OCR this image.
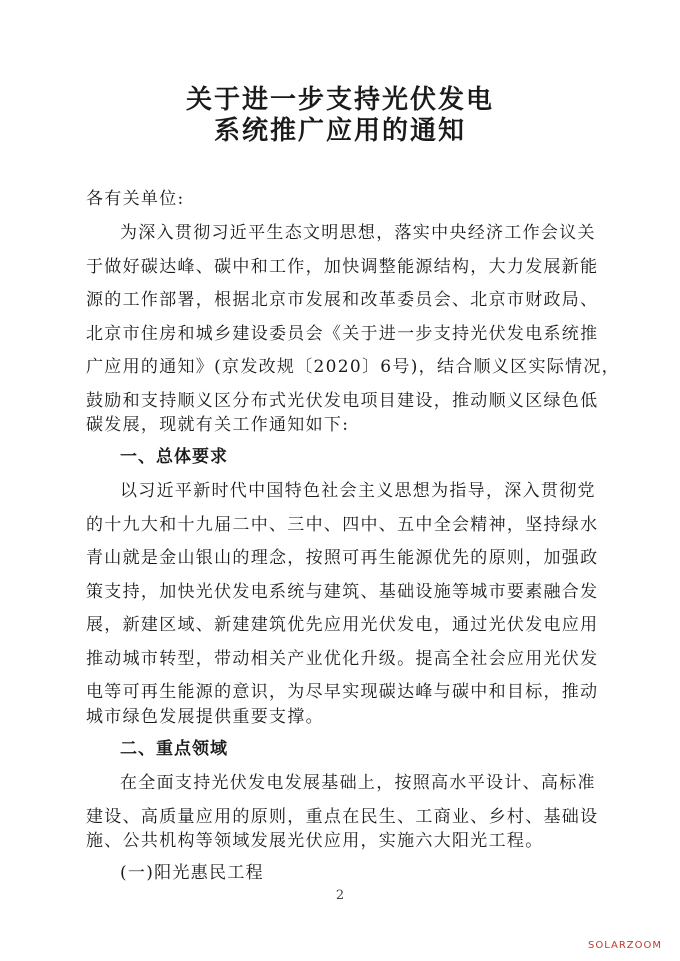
关于进一步支持光伏发电
系统推广应用的通知
各有关单位:
为深入贯彻习近平生态文明思想，落实中央经济工作会议关
于做好碳达峰、碳中和工作，加快调整能源结构，大力发展新能
源的工作部署，根据北京市发展和改革委员会、北京市财政局、
北京市住房和城乡建设委员会《关于进一步支持光伏发电系统推
广应用的通知》(京发改规〔2020〕6号)，结合顺义区实际情况，
鼓励和支持顺义区分布式光伏发电项目建设，推动顺义区绿色低
碳发展，现就有关工作通知如下:
一、总体要求
以习近平新时代中国特色社会主义思想为指导，深入贯彻党
的十九大和十九届二中、三中、四中、五中全会精神，坚持绿水
青山就是金山银山的理念，按照可再生能源优先的原则，加强政
策支持，加快光伏发电系统与建筑、基础设施等城市要素融合发
展，新建区域、新建建筑优先应用光伏发电，通过光伏发电应用
推动城市转型，带动相关产业优化升级。提高全社会应用光伏发
电等可再生能源的意识，为尽早实现碳达峰与碳中和目标，推动
城市绿色发展提供重要支撑。
二、重点领域
在全面支持光伏发电发展基础上，按照高水平设计、高标准
建设、高质量应用的原则，重点在民生、工商业、乡村、基础设
施、公共机构等领域发展光伏应用，实施六大阳光工程。
(一)阳光惠民工程
2
SOLARZOOM
